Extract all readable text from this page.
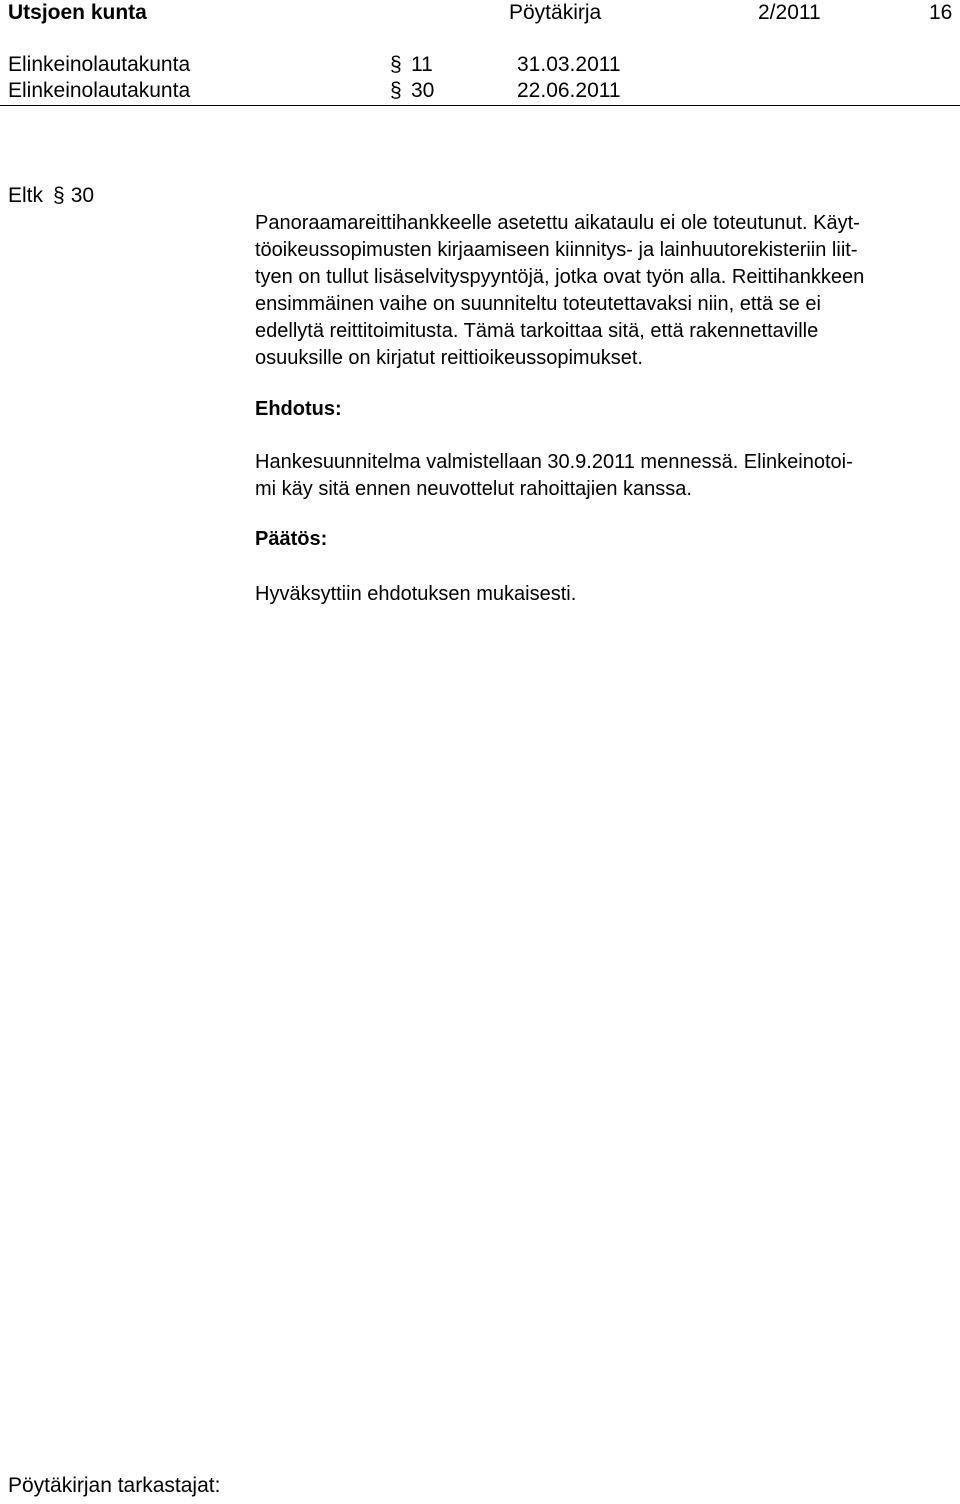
Utsjoen kunta	Pöytäkirja	2/2011	16
Elinkeinolautakunta	§ 11	31.03.2011
Elinkeinolautakunta	§ 30	22.06.2011
Eltk § 30
Panoraamareittihankkeelle asetettu aikataulu ei ole toteutunut. Käyt-
töoikeussopimusten kirjaamiseen kiinnitys- ja lainhuutorekisteriin liit-
tyen on tullut lisäselvityspyyntöjä, jotka ovat työn alla. Reittihankkeen
ensimmäinen vaihe on suunniteltu toteutettavaksi niin, että se ei
edellytä reittitoimitusta. Tämä tarkoittaa sitä, että rakennettaville
osuuksille on kirjatut reittioikeussopimukset.
Ehdotus:
Hankesuunnitelma valmistellaan 30.9.2011 mennessä. Elinkeinotoi-
mi käy sitä ennen neuvottelut rahoittajien kanssa.
Päätös:
Hyväksyttiin ehdotuksen mukaisesti.
Pöytäkirjan tarkastajat:
